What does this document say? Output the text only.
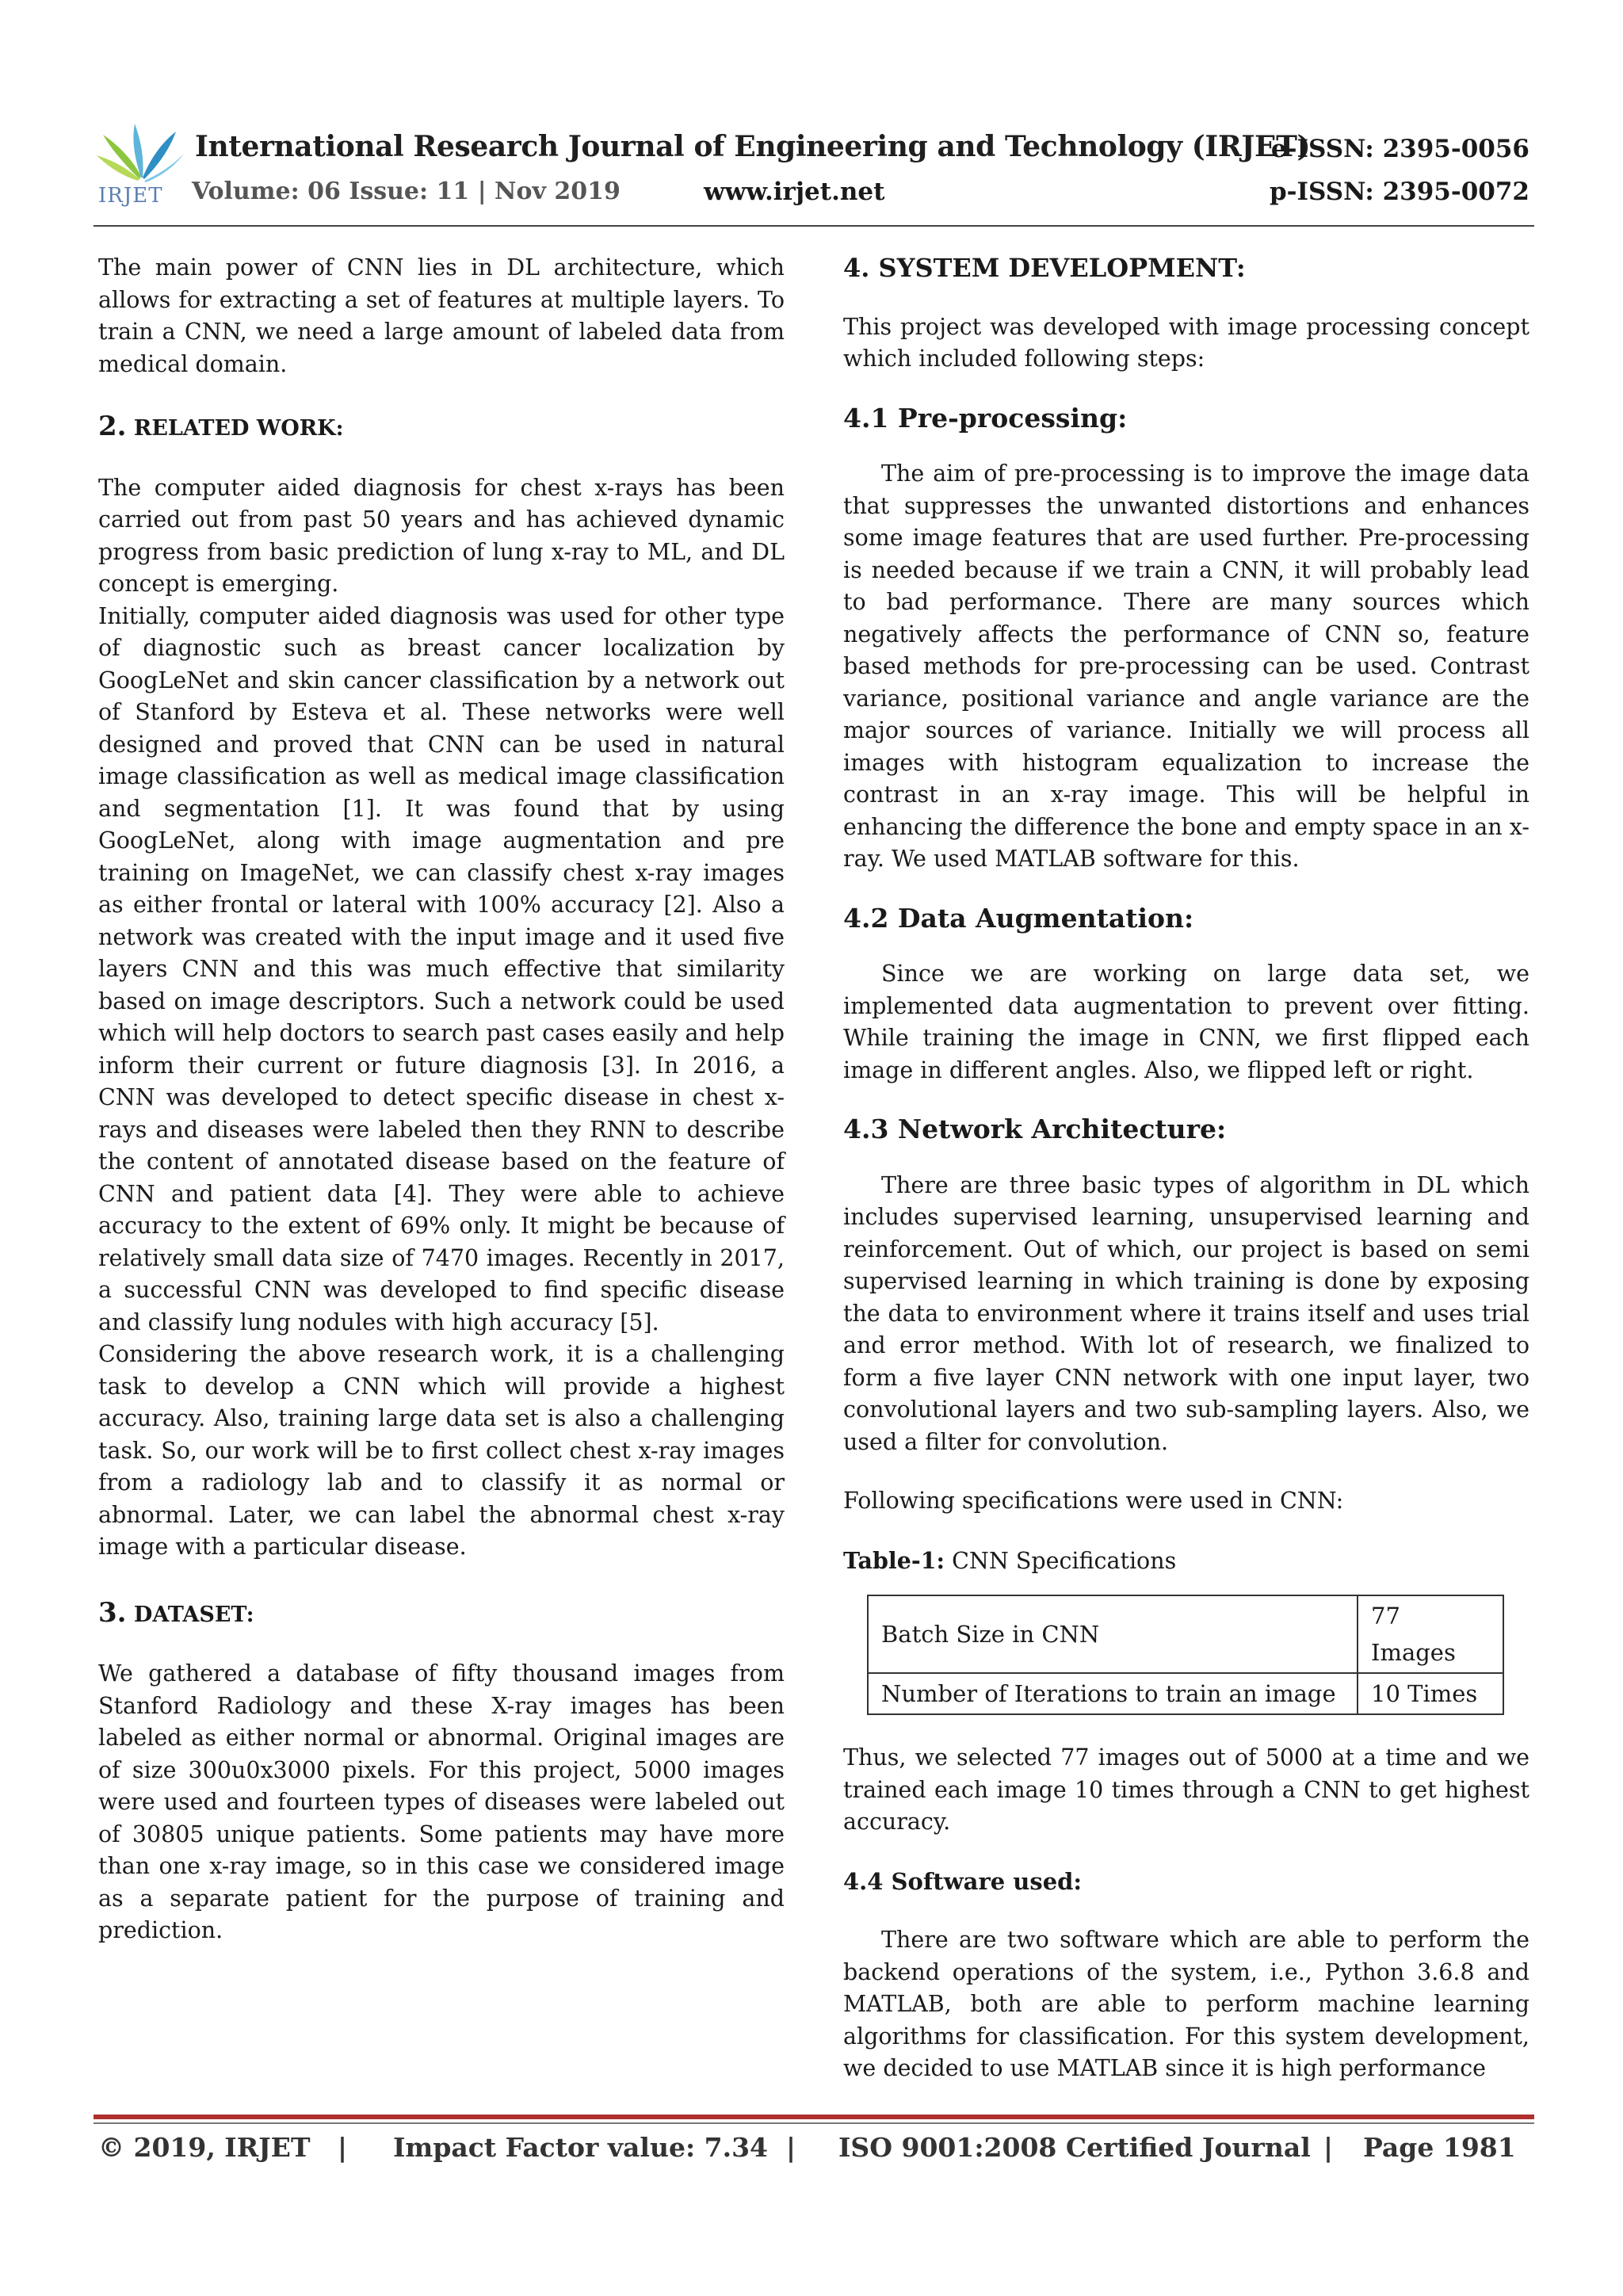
IRJET
International Research Journal of Engineering and Technology (IRJET)
e-ISSN: 2395-0056
Volume: 06 Issue: 11 | Nov 2019	www.irjet.net	p-ISSN: 2395-0072

The main power of CNN lies in DL architecture, which allows for extracting a set of features at multiple layers. To train a CNN, we need a large amount of labeled data from medical domain.

2. RELATED WORK:

The computer aided diagnosis for chest x-rays has been carried out from past 50 years and has achieved dynamic progress from basic prediction of lung x-ray to ML, and DL concept is emerging.

Initially, computer aided diagnosis was used for other type of diagnostic such as breast cancer localization by GoogLeNet and skin cancer classification by a network out of Stanford by Esteva et al. These networks were well designed and proved that CNN can be used in natural image classification as well as medical image classification and segmentation [1]. It was found that by using GoogLeNet, along with image augmentation and pre training on ImageNet, we can classify chest x-ray images as either frontal or lateral with 100% accuracy [2]. Also a network was created with the input image and it used five layers CNN and this was much effective that similarity based on image descriptors. Such a network could be used which will help doctors to search past cases easily and help inform their current or future diagnosis [3]. In 2016, a CNN was developed to detect specific disease in chest x-rays and diseases were labeled then they RNN to describe the content of annotated disease based on the feature of CNN and patient data [4]. They were able to achieve accuracy to the extent of 69% only. It might be because of relatively small data size of 7470 images. Recently in 2017, a successful CNN was developed to find specific disease and classify lung nodules with high accuracy [5].

Considering the above research work, it is a challenging task to develop a CNN which will provide a highest accuracy. Also, training large data set is also a challenging task. So, our work will be to first collect chest x-ray images from a radiology lab and to classify it as normal or abnormal. Later, we can label the abnormal chest x-ray image with a particular disease.

3. DATASET:

We gathered a database of fifty thousand images from Stanford Radiology and these X-ray images has been labeled as either normal or abnormal. Original images are of size 300u0x3000 pixels. For this project, 5000 images were used and fourteen types of diseases were labeled out of 30805 unique patients. Some patients may have more than one x-ray image, so in this case we considered image as a separate patient for the purpose of training and prediction.

4. SYSTEM DEVELOPMENT:

This project was developed with image processing concept which included following steps:

4.1 Pre-processing:

The aim of pre-processing is to improve the image data that suppresses the unwanted distortions and enhances some image features that are used further. Pre-processing is needed because if we train a CNN, it will probably lead to bad performance. There are many sources which negatively affects the performance of CNN so, feature based methods for pre-processing can be used. Contrast variance, positional variance and angle variance are the major sources of variance. Initially we will process all images with histogram equalization to increase the contrast in an x-ray image. This will be helpful in enhancing the difference the bone and empty space in an x-ray. We used MATLAB software for this.

4.2 Data Augmentation:

Since we are working on large data set, we implemented data augmentation to prevent over fitting. While training the image in CNN, we first flipped each image in different angles. Also, we flipped left or right.

4.3 Network Architecture:

There are three basic types of algorithm in DL which includes supervised learning, unsupervised learning and reinforcement. Out of which, our project is based on semi supervised learning in which training is done by exposing the data to environment where it trains itself and uses trial and error method. With lot of research, we finalized to form a five layer CNN network with one input layer, two convolutional layers and two sub-sampling layers. Also, we used a filter for convolution.

Following specifications were used in CNN:

Table-1: CNN Specifications

Batch Size in CNN	77 Images
Number of Iterations to train an image	10 Times

Thus, we selected 77 images out of 5000 at a time and we trained each image 10 times through a CNN to get highest accuracy.

4.4 Software used:

There are two software which are able to perform the backend operations of the system, i.e., Python 3.6.8 and MATLAB, both are able to perform machine learning algorithms for classification. For this system development, we decided to use MATLAB since it is high performance

© 2019, IRJET | Impact Factor value: 7.34 | ISO 9001:2008 Certified Journal | Page 1981
